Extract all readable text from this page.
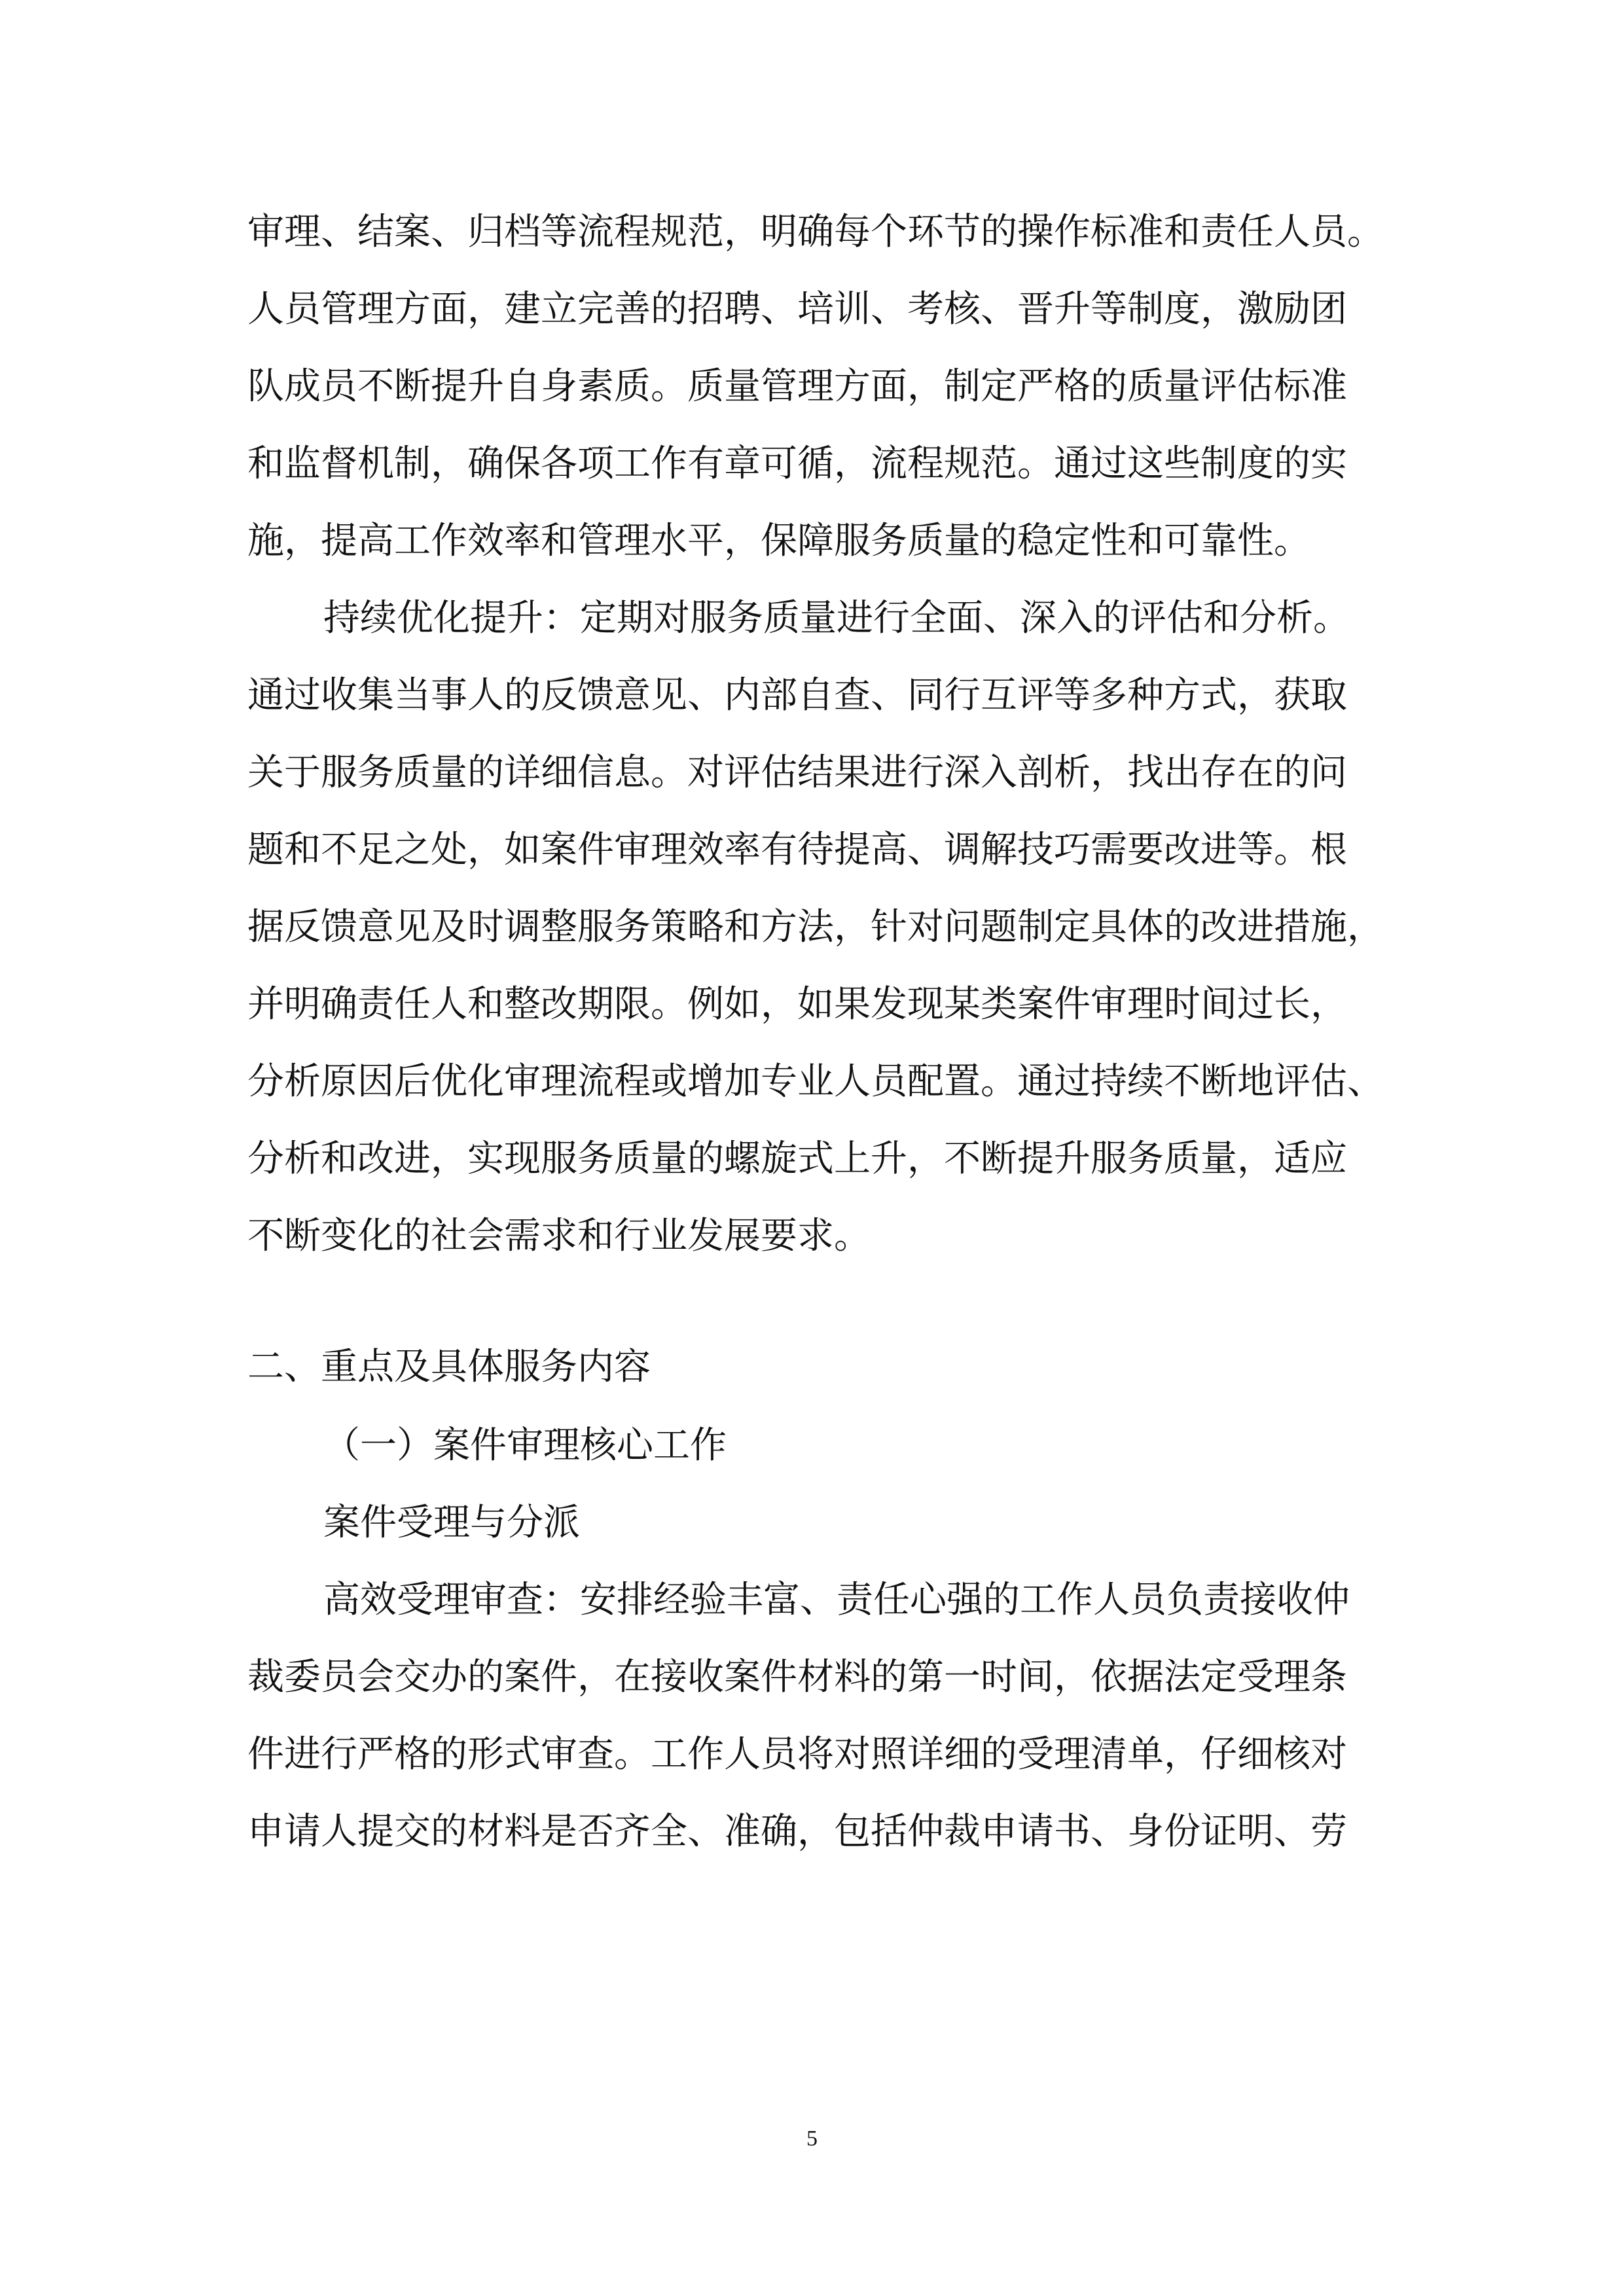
审理、结案、归档等流程规范，明确每个环节的操作标准和责任人员。
人员管理方面，建立完善的招聘、培训、考核、晋升等制度，激励团
队成员不断提升自身素质。质量管理方面，制定严格的质量评估标准
和监督机制，确保各项工作有章可循，流程规范。通过这些制度的实
施，提高工作效率和管理水平，保障服务质量的稳定性和可靠性。
持续优化提升：定期对服务质量进行全面、深入的评估和分析。
通过收集当事人的反馈意见、内部自查、同行互评等多种方式，获取
关于服务质量的详细信息。对评估结果进行深入剖析，找出存在的问
题和不足之处，如案件审理效率有待提高、调解技巧需要改进等。根
据反馈意见及时调整服务策略和方法，针对问题制定具体的改进措施，
并明确责任人和整改期限。例如，如果发现某类案件审理时间过长，
分析原因后优化审理流程或增加专业人员配置。通过持续不断地评估、
分析和改进，实现服务质量的螺旋式上升，不断提升服务质量，适应
不断变化的社会需求和行业发展要求。
二、重点及具体服务内容
（一）案件审理核心工作
案件受理与分派
高效受理审查：安排经验丰富、责任心强的工作人员负责接收仲
裁委员会交办的案件，在接收案件材料的第一时间，依据法定受理条
件进行严格的形式审查。工作人员将对照详细的受理清单，仔细核对
申请人提交的材料是否齐全、准确，包括仲裁申请书、身份证明、劳
5
